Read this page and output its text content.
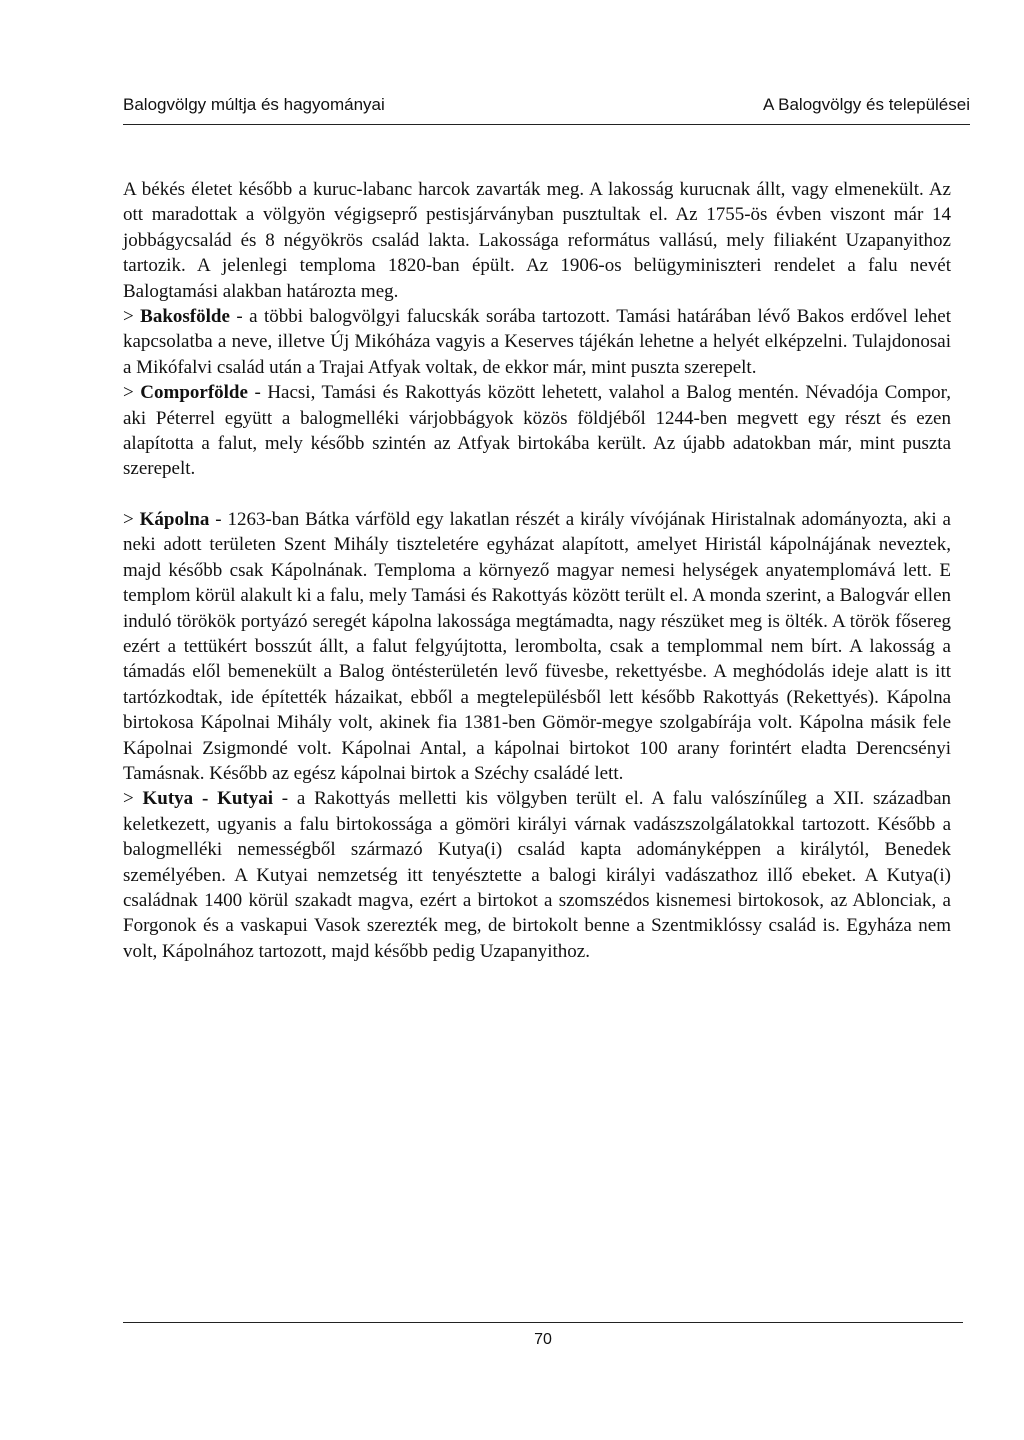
Balogvölgy múltja és hagyományai	A Balogvölgy és települései

A békés életet később a kuruc-labanc harcok zavarták meg. A lakosság kurucnak állt, vagy elmenekült. Az ott maradottak a völgyön végigseprő pestisjárványban pusztultak el. Az 1755-ös évben viszont már 14 jobbágycsalád és 8 négyökrös család lakta. Lakossága református vallású, mely filiaként Uzapanyithoz tartozik. A jelenlegi temploma 1820-ban épült. Az 1906-os belügyminiszteri rendelet a falu nevét Balogtamási alakban határozta meg.

> Bakosfölde - a többi balogvölgyi falucskák sorába tartozott. Tamási határában lévő Bakos erdővel lehet kapcsolatba a neve, illetve Új Mikóháza vagyis a Keserves tájékán lehetne a helyét elképzelni. Tulajdonosai a Mikófalvi család után a Trajai Atfyak voltak, de ekkor már, mint puszta szerepelt.

> Comporfölde - Hacsi, Tamási és Rakottyás között lehetett, valahol a Balog mentén. Névadója Compor, aki Péterrel együtt a balogmelléki várjobbágyok közös földjéből 1244-ben megvett egy részt és ezen alapította a falut, mely később szintén az Atfyak birtokába került. Az újabb adatokban már, mint puszta szerepelt.

> Kápolna - 1263-ban Bátka várföld egy lakatlan részét a király vívójának Hiristalnak adományozta, aki a neki adott területen Szent Mihály tiszteletére egyházat alapított, amelyet Hiristál kápolnájának neveztek, majd később csak Kápolnának. Temploma a környező magyar nemesi helységek anyatemplomává lett. E templom körül alakult ki a falu, mely Tamási és Rakottyás között terült el. A monda szerint, a Balogvár ellen induló törökök portyázó seregét kápolna lakossága megtámadta, nagy részüket meg is ölték. A török fősereg ezért a tettükért bosszút állt, a falut felgyújtotta, lerombolta, csak a templommal nem bírt. A lakosság a támadás elől bemenekült a Balog öntésterületén levő füvesbe, rekettyésbe. A meghódolás ideje alatt is itt tartózkodtak, ide építették házaikat, ebből a megtelepülésből lett később Rakottyás (Rekettyés). Kápolna birtokosa Kápolnai Mihály volt, akinek fia 1381-ben Gömör-megye szolgabírája volt. Kápolna másik fele Kápolnai Zsigmondé volt. Kápolnai Antal, a kápolnai birtokot 100 arany forintért eladta Derencsényi Tamásnak. Később az egész kápolnai birtok a Széchy családé lett.

> Kutya - Kutyai - a Rakottyás melletti kis völgyben terült el. A falu valószínűleg a XII. században keletkezett, ugyanis a falu birtokossága a gömöri királyi várnak vadászszolgálatokkal tartozott. Később a balogmelléki nemességből származó Kutya(i) család kapta adományképpen a királytól, Benedek személyében. A Kutyai nemzetség itt tenyésztette a balogi királyi vadászathoz illő ebeket. A Kutya(i) családnak 1400 körül szakadt magva, ezért a birtokot a szomszédos kisnemesi birtokosok, az Ablonciak, a Forgonok és a vaskapui Vasok szerezték meg, de birtokolt benne a Szentmiklóssy család is. Egyháza nem volt, Kápolnához tartozott, majd később pedig Uzapanyithoz.

70
